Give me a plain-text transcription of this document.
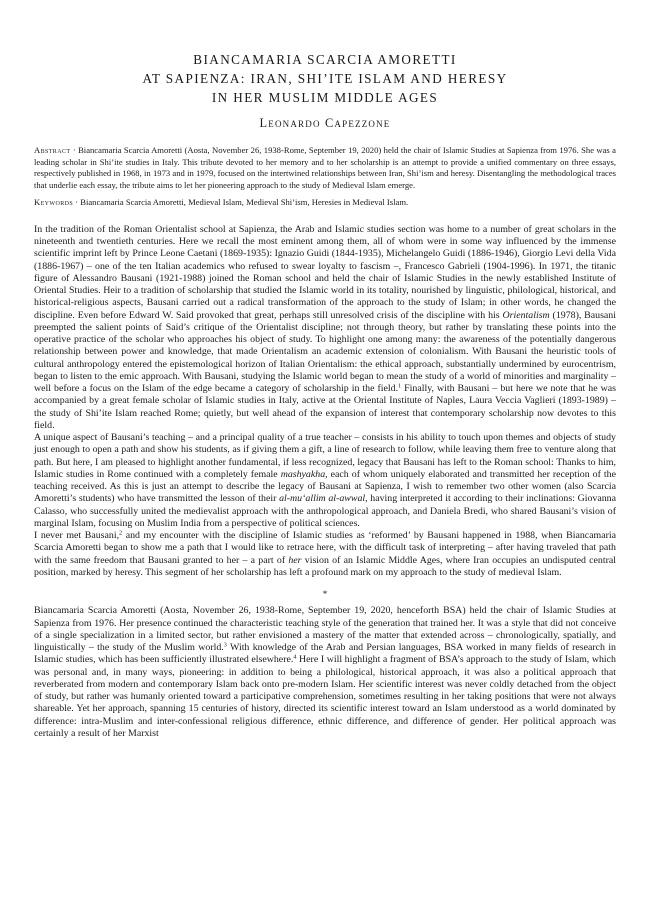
BIANCAMARIA SCARCIA AMORETTI
AT SAPIENZA: IRAN, SHI’ITE ISLAM AND HERESY
IN HER MUSLIM MIDDLE AGES
Leonardo Capezzone

Abstract · Biancamaria Scarcia Amoretti (Aosta, November 26, 1938-Rome, September 19, 2020) held the chair of Islamic Studies at Sapienza from 1976. She was a leading scholar in Shi’ite studies in Italy. This tribute devoted to her memory and to her scholarship is an attempt to provide a unified commentary on three essays, respectively published in 1968, in 1973 and in 1979, focused on the intertwined relationships between Iran, Shi’ism and heresy. Disentangling the methodological traces that underlie each essay, the tribute aims to let her pioneering approach to the study of Medieval Islam emerge.

Keywords · Biancamaria Scarcia Amoretti, Medieval Islam, Medieval Shi’ism, Heresies in Medieval Islam.

In the tradition of the Roman Orientalist school at Sapienza, the Arab and Islamic studies section was home to a number of great scholars in the nineteenth and twentieth centuries. Here we recall the most eminent among them, all of whom were in some way influenced by the immense scientific imprint left by Prince Leone Caetani (1869-1935): Ignazio Guidi (1844-1935), Michelangelo Guidi (1886-1946), Giorgio Levi della Vida (1886-1967) – one of the ten Italian academics who refused to swear loyalty to fascism –, Francesco Gabrieli (1904-1996). In 1971, the titanic figure of Alessandro Bausani (1921-1988) joined the Roman school and held the chair of Islamic Studies in the newly established Institute of Oriental Studies. Heir to a tradition of scholarship that studied the Islamic world in its totality, nourished by linguistic, philological, historical, and historical-religious aspects, Bausani carried out a radical transformation of the approach to the study of Islam; in other words, he changed the discipline. Even before Edward W. Said provoked that great, perhaps still unresolved crisis of the discipline with his Orientalism (1978), Bausani preempted the salient points of Said’s critique of the Orientalist discipline; not through theory, but rather by translating these points into the operative practice of the scholar who approaches his object of study. To highlight one among many: the awareness of the potentially dangerous relationship between power and knowledge, that made Orientalism an academic extension of colonialism. With Bausani the heuristic tools of cultural anthropology entered the epistemological horizon of Italian Orientalism: the ethical approach, substantially undermined by eurocentrism, began to listen to the emic approach. With Bausani, studying the Islamic world began to mean the study of a world of minorities and marginality – well before a focus on the Islam of the edge became a category of scholarship in the field.$^1$ Finally, with Bausani – but here we note that he was accompanied by a great female scholar of Islamic studies in Italy, active at the Oriental Institute of Naples, Laura Veccia Vaglieri (1893-1989) – the study of Shi’ite Islam reached Rome; quietly, but well ahead of the expansion of interest that contemporary scholarship now devotes to this field.

A unique aspect of Bausani’s teaching – and a principal quality of a true teacher – consists in his ability to touch upon themes and objects of study just enough to open a path and show his students, as if giving them a gift, a line of research to follow, while leaving them free to venture along that path. But here, I am pleased to highlight another fundamental, if less recognized, legacy that Bausani has left to the Roman school: Thanks to him, Islamic studies in Rome continued with a completely female mashyakha, each of whom uniquely elaborated and transmitted her reception of the teaching received. As this is just an attempt to describe the legacy of Bausani at Sapienza, I wish to remember two other women (also Scarcia Amoretti’s students) who have transmitted the lesson of their al-mu‘allim al-awwal, having interpreted it according to their inclinations: Giovanna Calasso, who successfully united the medievalist approach with the anthropological approach, and Daniela Bredi, who shared Bausani’s vision of marginal Islam, focusing on Muslim India from a perspective of political sciences.

I never met Bausani,$^2$ and my encounter with the discipline of Islamic studies as ‘reformed’ by Bausani happened in 1988, when Biancamaria Scarcia Amoretti began to show me a path that I would like to retrace here, with the difficult task of interpreting – after having traveled that path with the same freedom that Bausani granted to her – a part of her vision of an Islamic Middle Ages, where Iran occupies an undisputed central position, marked by heresy. This segment of her scholarship has left a profound mark on my approach to the study of medieval Islam.

*

Biancamaria Scarcia Amoretti (Aosta, November 26, 1938-Rome, September 19, 2020, henceforth BSA) held the chair of Islamic Studies at Sapienza from 1976. Her presence continued the characteristic teaching style of the generation that trained her. It was a style that did not conceive of a single specialization in a limited sector, but rather envisioned a mastery of the matter that extended across – chronologically, spatially, and linguistically – the study of the Muslim world.$^3$ With knowledge of the Arab and Persian languages, BSA worked in many fields of research in Islamic studies, which has been sufficiently illustrated elsewhere.$^4$ Here I will highlight a fragment of BSA’s approach to the study of Islam, which was personal and, in many ways, pioneering: in addition to being a philological, historical approach, it was also a political approach that reverberated from modern and contemporary Islam back onto pre-modern Islam. Her scientific interest was never coldly detached from the object of study, but rather was humanly oriented toward a participative comprehension, sometimes resulting in her taking positions that were not always shareable. Yet her approach, spanning 15 centuries of history, directed its scientific interest toward an Islam understood as a world dominated by difference: intra-Muslim and inter-confessional religious difference, ethnic difference, and difference of gender. Her political approach was certainly a result of her Marxist
